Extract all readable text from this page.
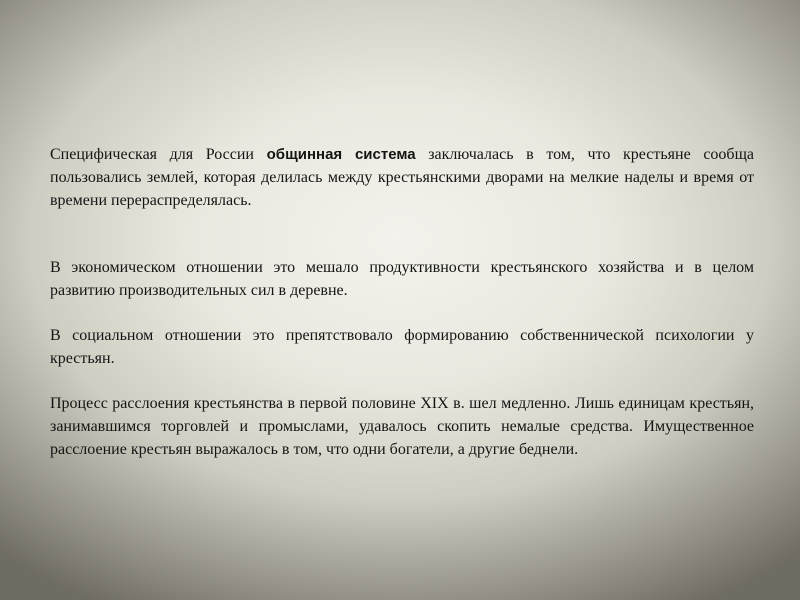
Специфическая для России общинная система заключалась в том, что крестьяне сообща пользовались землей, которая делилась между крестьянскими дворами на мелкие наделы и время от времени перераспределялась.

В экономическом отношении это мешало продуктивности крестьянского хозяйства и в целом развитию производительных сил в деревне.

В социальном отношении это препятствовало формированию собственнической психологии у крестьян.

Процесс расслоения крестьянства в первой половине XIX в. шел медленно. Лишь единицам крестьян, занимавшимся торговлей и промыслами, удавалось скопить немалые средства. Имущественное расслоение крестьян выражалось в том, что одни богатели, а другие беднели.
